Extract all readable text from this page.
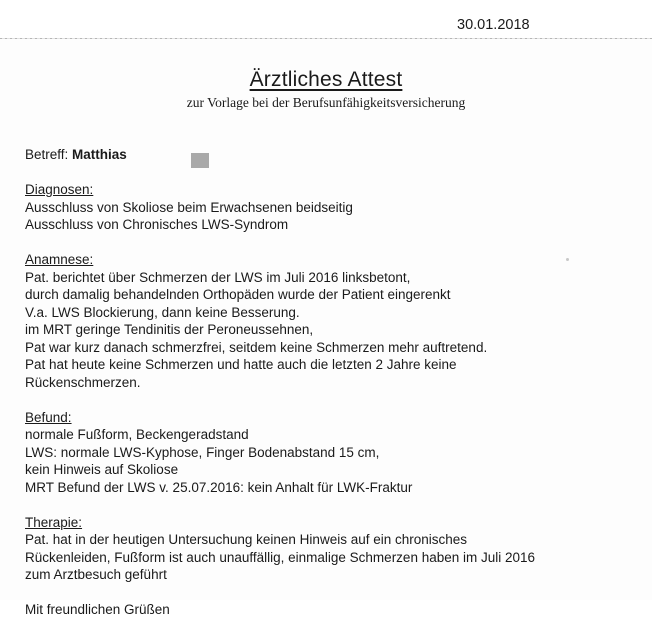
30.01.2018
Ärztliches Attest
zur Vorlage bei der Berufsunfähigkeitsversicherung
Betreff: Matthias
Diagnosen:
Ausschluss von Skoliose beim Erwachsenen beidseitig
Ausschluss von Chronisches LWS-Syndrom
Anamnese:
Pat. berichtet über Schmerzen der LWS im Juli 2016 linksbetont,
durch damalig behandelnden Orthopäden wurde der Patient eingerenkt
V.a. LWS Blockierung, dann keine Besserung.
im MRT geringe Tendinitis der Peroneussehnen,
Pat war kurz danach schmerzfrei, seitdem keine Schmerzen mehr auftretend.
Pat hat heute keine Schmerzen und hatte auch die letzten 2 Jahre keine
Rückenschmerzen.
Befund:
normale Fußform, Beckengeradstand
LWS: normale LWS-Kyphose, Finger Bodenabstand 15 cm,
kein Hinweis auf Skoliose
MRT Befund der LWS v. 25.07.2016: kein Anhalt für LWK-Fraktur
Therapie:
Pat. hat in der heutigen Untersuchung keinen Hinweis auf ein chronisches
Rückenleiden, Fußform ist auch unauffällig, einmalige Schmerzen haben im Juli 2016
zum Arztbesuch geführt
Mit freundlichen Grüßen
